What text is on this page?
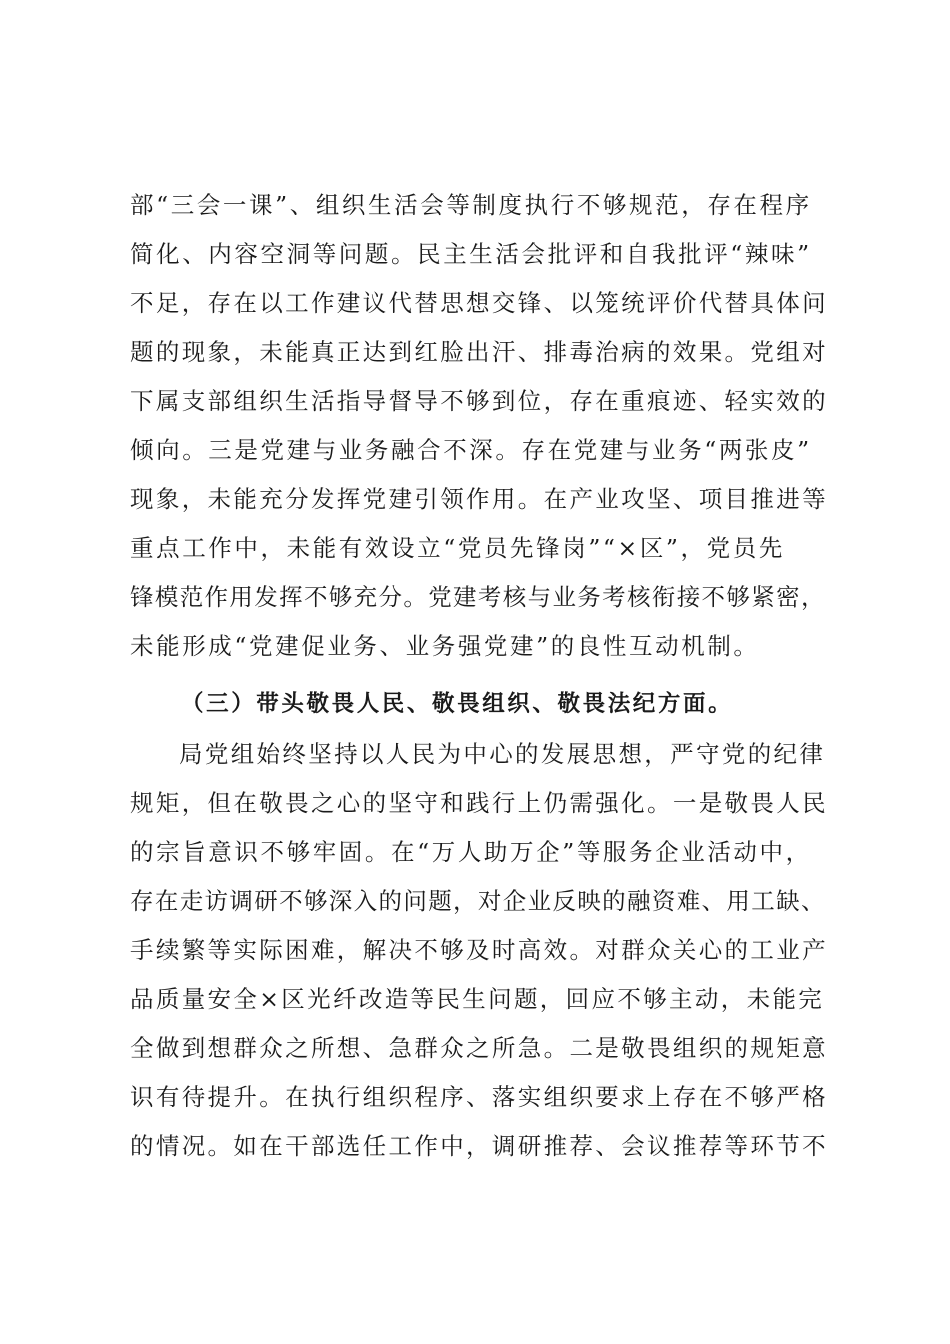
部“三会一课”、组织生活会等制度执行不够规范，存在程序
简化、内容空洞等问题。民主生活会批评和自我批评“辣味”
不足，存在以工作建议代替思想交锋、以笼统评价代替具体问
题的现象，未能真正达到红脸出汗、排毒治病的效果。党组对
下属支部组织生活指导督导不够到位，存在重痕迹、轻实效的
倾向。三是党建与业务融合不深。存在党建与业务“两张皮”
现象，未能充分发挥党建引领作用。在产业攻坚、项目推进等
重点工作中，未能有效设立“党员先锋岗”“×区”，党员先
锋模范作用发挥不够充分。党建考核与业务考核衔接不够紧密，
未能形成“党建促业务、业务强党建”的良性互动机制。
（三）带头敬畏人民、敬畏组织、敬畏法纪方面。
局党组始终坚持以人民为中心的发展思想，严守党的纪律
规矩，但在敬畏之心的坚守和践行上仍需强化。一是敬畏人民
的宗旨意识不够牢固。在“万人助万企”等服务企业活动中，
存在走访调研不够深入的问题，对企业反映的融资难、用工缺、
手续繁等实际困难，解决不够及时高效。对群众关心的工业产
品质量安全×区光纤改造等民生问题，回应不够主动，未能完
全做到想群众之所想、急群众之所急。二是敬畏组织的规矩意
识有待提升。在执行组织程序、落实组织要求上存在不够严格
的情况。如在干部选任工作中，调研推荐、会议推荐等环节不
